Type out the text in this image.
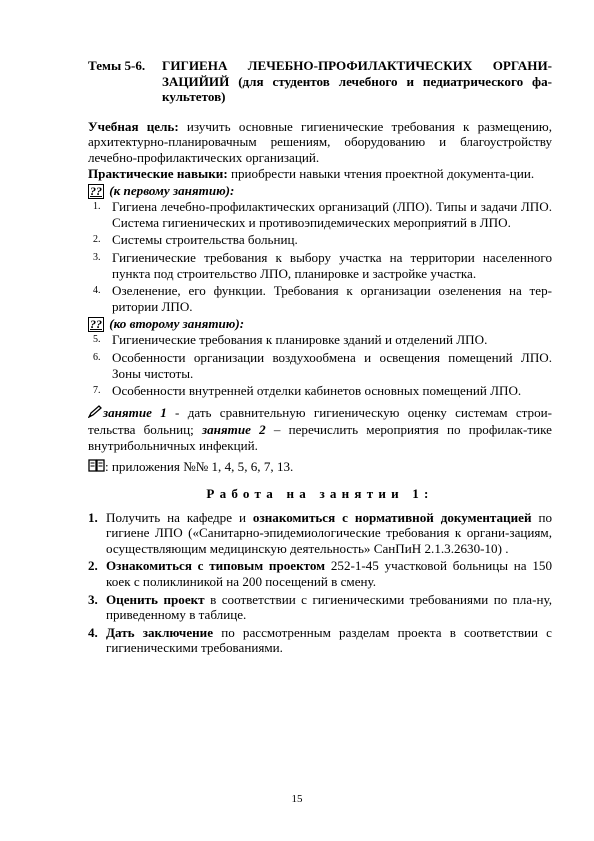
Темы 5-6.	ГИГИЕНА ЛЕЧЕБНО-ПРОФИЛАКТИЧЕСКИХ ОРГАНИ-ЗАЦИЙИЙ (для студентов лечебного и педиатрического фа-культетов)
Учебная цель: изучить основные гигиенические требования к размещению, архитектурно-планировачным решениям, оборудованию и благоустройству лечебно-профилактических организаций.
Практические навыки: приобрести навыки чтения проектной документа-ции.
?? (к первому занятию):
1. Гигиена лечебно-профилактических организаций (ЛПО). Типы и задачи ЛПО. Система гигиенических и противоэпидемических мероприятий в ЛПО.
2. Системы строительства больниц.
3. Гигиенические требования к выбору участка на территории населенного пункта под строительство ЛПО, планировке и застройке участка.
4. Озеленение, его функции. Требования к организации озеленения на тер-ритории ЛПО.
?? (ко второму занятию):
5. Гигиенические требования к планировке зданий и отделений ЛПО.
6. Особенности организации воздухообмена и освещения помещений ЛПО. Зоны чистоты.
7. Особенности внутренней отделки кабинетов основных помещений ЛПО.
занятие 1 - дать сравнительную гигиеническую оценку системам строи-тельства больниц; занятие 2 – перечислить мероприятия по профилак-тике внутрибольничных инфекций.
: приложения №№ 1, 4, 5, 6, 7, 13.
Работа на занятии 1:
1. Получить на кафедре и ознакомиться с нормативной документацией по гигиене ЛПО («Санитарно-эпидемиологические требования к органи-зациям, осуществляющим медицинскую деятельность» СанПиН 2.1.3.2630-10) .
2. Ознакомиться с типовым проектом 252-1-45 участковой больницы на 150 коек с поликлиникой на 200 посещений в смену.
3. Оценить проект в соответствии с гигиеническими требованиями по пла-ну, приведенному в таблице.
4. Дать заключение по рассмотренным разделам проекта в соответствии с гигиеническими требованиями.
15
